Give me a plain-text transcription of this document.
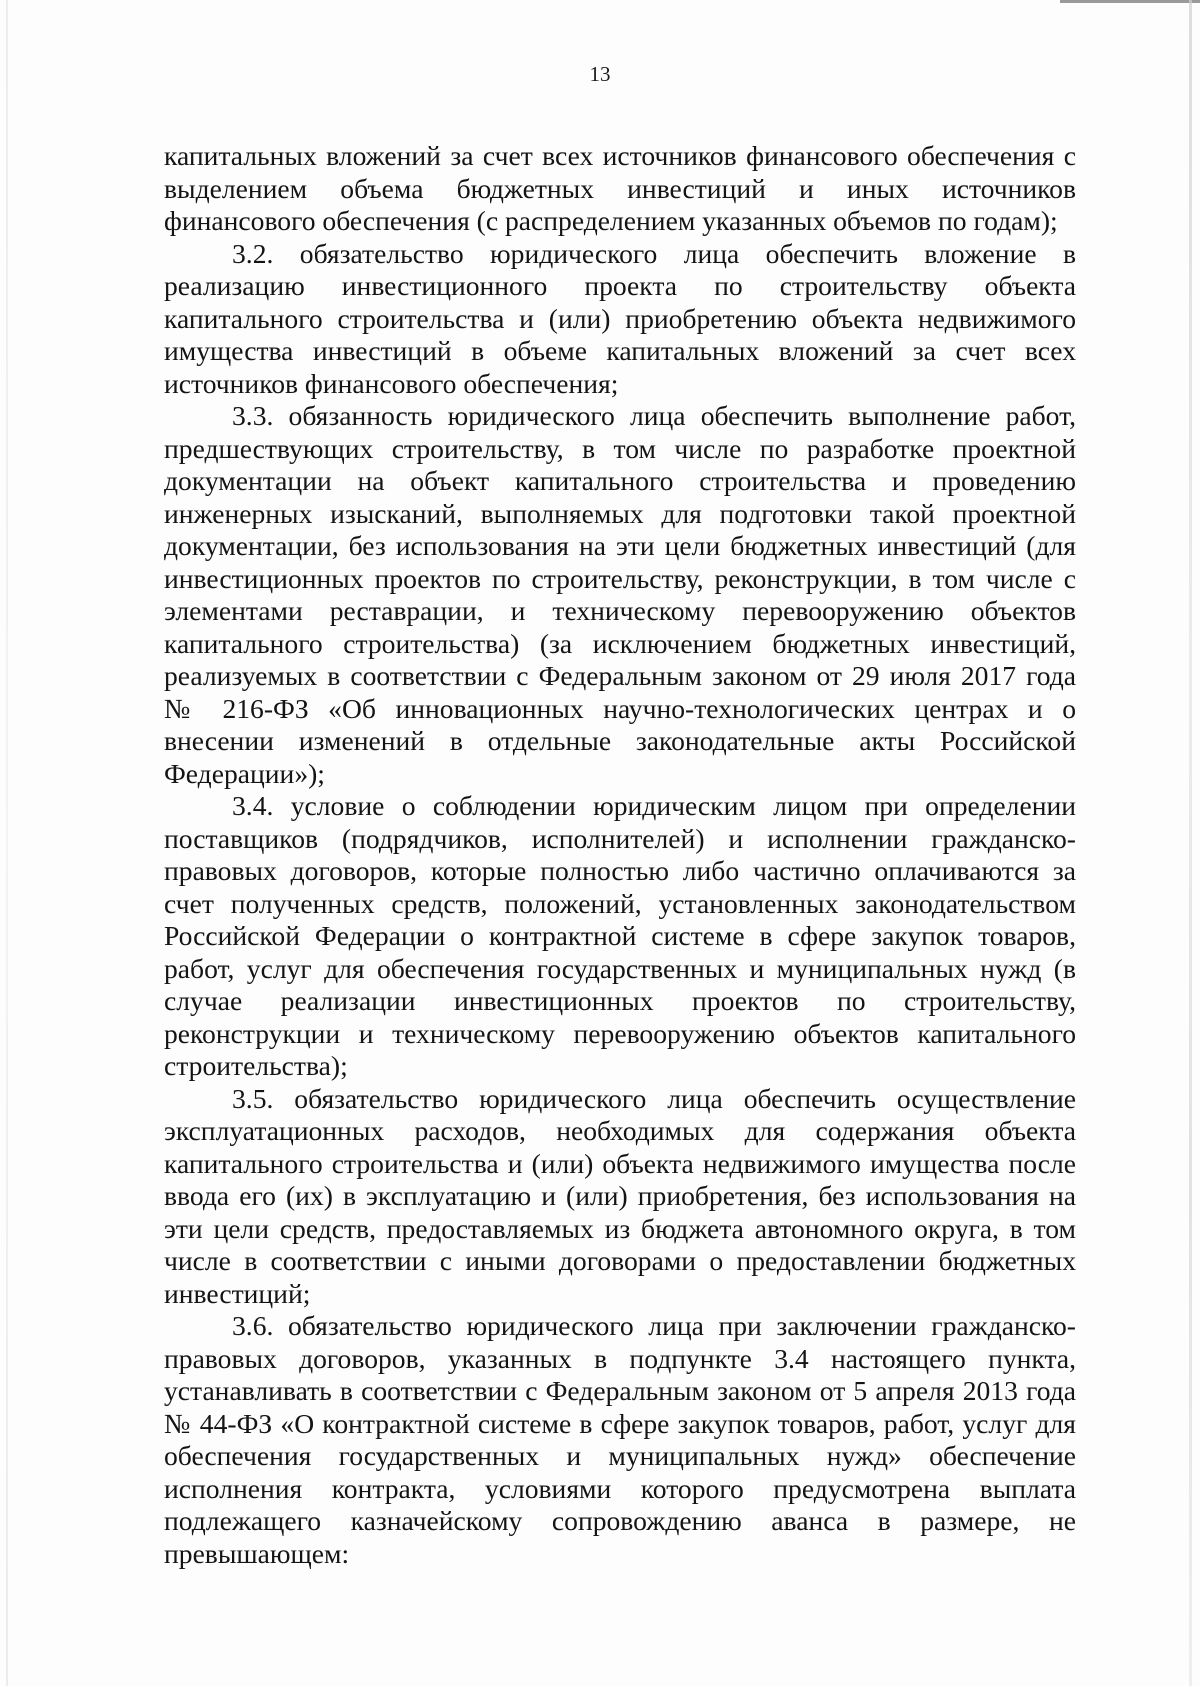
13

капитальных вложений за счет всех источников финансового обеспечения с выделением объема бюджетных инвестиций и иных источников финансового обеспечения (с распределением указанных объемов по годам);

3.2. обязательство юридического лица обеспечить вложение в реализацию инвестиционного проекта по строительству объекта капитального строительства и (или) приобретению объекта недвижимого имущества инвестиций в объеме капитальных вложений за счет всех источников финансового обеспечения;

3.3. обязанность юридического лица обеспечить выполнение работ, предшествующих строительству, в том числе по разработке проектной документации на объект капитального строительства и проведению инженерных изысканий, выполняемых для подготовки такой проектной документации, без использования на эти цели бюджетных инвестиций (для инвестиционных проектов по строительству, реконструкции, в том числе с элементами реставрации, и техническому перевооружению объектов капитального строительства) (за исключением бюджетных инвестиций, реализуемых в соответствии с Федеральным законом от 29 июля 2017 года № 216-ФЗ «Об инновационных научно-технологических центрах и о внесении изменений в отдельные законодательные акты Российской Федерации»);

3.4. условие о соблюдении юридическим лицом при определении поставщиков (подрядчиков, исполнителей) и исполнении гражданско-правовых договоров, которые полностью либо частично оплачиваются за счет полученных средств, положений, установленных законодательством Российской Федерации о контрактной системе в сфере закупок товаров, работ, услуг для обеспечения государственных и муниципальных нужд (в случае реализации инвестиционных проектов по строительству, реконструкции и техническому перевооружению объектов капитального строительства);

3.5. обязательство юридического лица обеспечить осуществление эксплуатационных расходов, необходимых для содержания объекта капитального строительства и (или) объекта недвижимого имущества после ввода его (их) в эксплуатацию и (или) приобретения, без использования на эти цели средств, предоставляемых из бюджета автономного округа, в том числе в соответствии с иными договорами о предоставлении бюджетных инвестиций;

3.6. обязательство юридического лица при заключении гражданско-правовых договоров, указанных в подпункте 3.4 настоящего пункта, устанавливать в соответствии с Федеральным законом от 5 апреля 2013 года № 44-ФЗ «О контрактной системе в сфере закупок товаров, работ, услуг для обеспечения государственных и муниципальных нужд» обеспечение исполнения контракта, условиями которого предусмотрена выплата подлежащего казначейскому сопровождению аванса в размере, не превышающем:
